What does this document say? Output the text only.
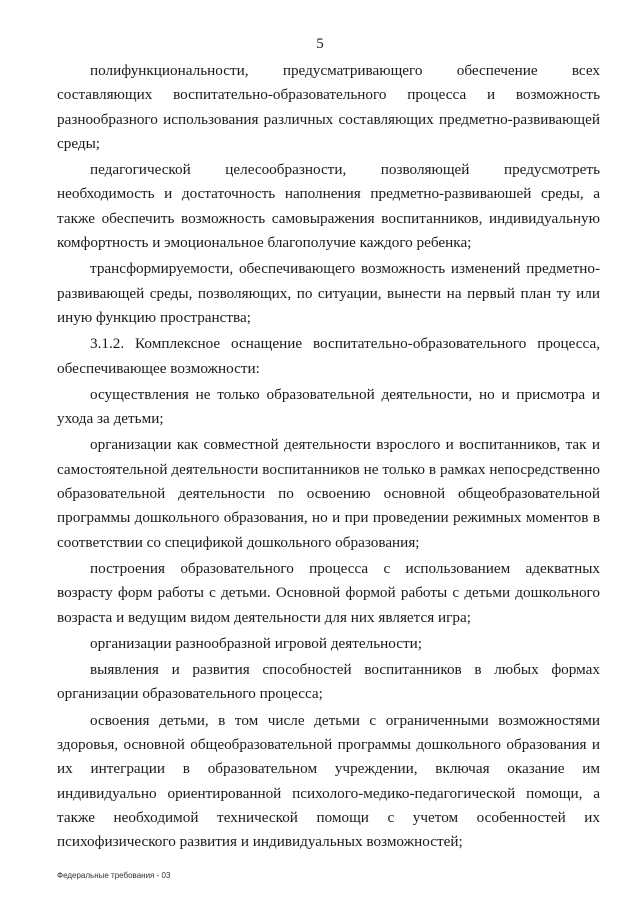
5

полифункциональности, предусматривающего обеспечение всех составляющих воспитательно-образовательного процесса и возможность разнообразного использования различных составляющих предметно-развивающей среды;

педагогической целесообразности, позволяющей предусмотреть необходимость и достаточность наполнения предметно-развиваюшей среды, а также обеспечить возможность самовыражения воспитанников, индивидуальную комфортность и эмоциональное благополучие каждого ребенка;

трансформируемости, обеспечивающего возможность изменений предметно-развивающей среды, позволяющих, по ситуации, вынести на первый план ту или иную функцию пространства;

3.1.2. Комплексное оснащение воспитательно-образовательного процесса, обеспечивающее возможности:

осуществления не только образовательной деятельности, но и присмотра и ухода за детьми;

организации как совместной деятельности взрослого и воспитанников, так и самостоятельной деятельности воспитанников не только в рамках непосредственно образовательной деятельности по освоению основной общеобразовательной программы дошкольного образования, но и при проведении режимных моментов в соответствии со спецификой дошкольного образования;

построения образовательного процесса с использованием адекватных возрасту форм работы с детьми. Основной формой работы с детьми дошкольного возраста и ведущим видом деятельности для них является игра;

организации разнообразной игровой деятельности;

выявления и развития способностей воспитанников в любых формах организации образовательного процесса;

освоения детьми, в том числе детьми с ограниченными возможностями здоровья, основной общеобразовательной программы дошкольного образования и их интеграции в образовательном учреждении, включая оказание им индивидуально ориентированной психолого-медико-педагогической помощи, а также необходимой технической помощи с учетом особенностей их психофизического развития и индивидуальных возможностей;

Федеральные требования - 03
